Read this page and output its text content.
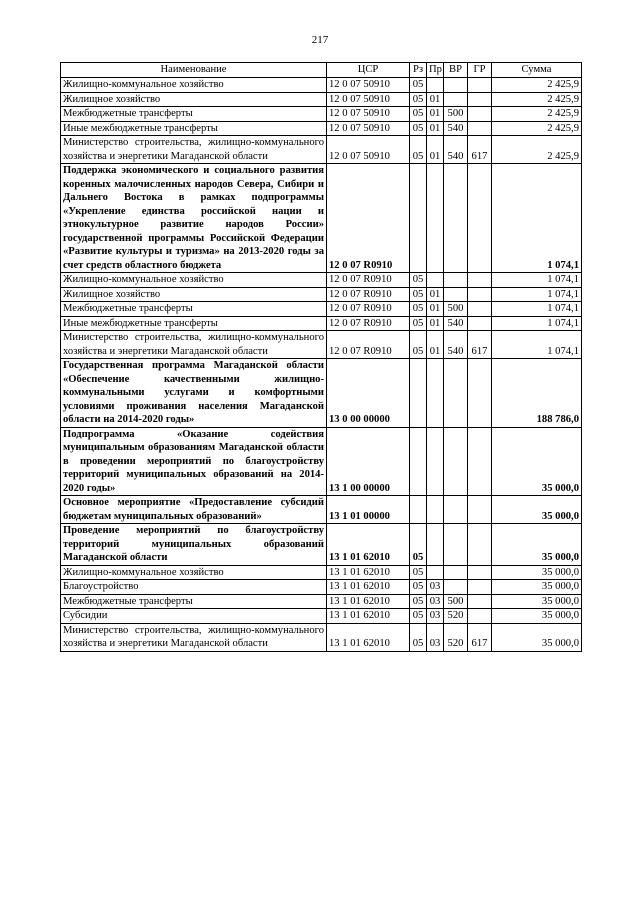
217
Наименование	ЦСР	Рз	Пр	ВР	ГР	Сумма
Жилищно-коммунальное хозяйство	12 0 07 50910	05				2 425,9
Жилищное хозяйство	12 0 07 50910	05	01			2 425,9
Межбюджетные трансферты	12 0 07 50910	05	01	500		2 425,9
Иные межбюджетные трансферты	12 0 07 50910	05	01	540		2 425,9
Министерство строительства, жилищно-коммунального хозяйства и энергетики Магаданской области	12 0 07 50910	05	01	540	617	2 425,9
Поддержка экономического и социального развития коренных малочисленных народов Севера, Сибири и Дальнего Востока в рамках подпрограммы «Укрепление единства российской нации и этнокультурное развитие народов России» государственной программы Российской Федерации «Развитие культуры и туризма» на 2013-2020 годы за счет средств областного бюджета	12 0 07 R0910					1 074,1
Жилищно-коммунальное хозяйство	12 0 07 R0910	05				1 074,1
Жилищное хозяйство	12 0 07 R0910	05	01			1 074,1
Межбюджетные трансферты	12 0 07 R0910	05	01	500		1 074,1
Иные межбюджетные трансферты	12 0 07 R0910	05	01	540		1 074,1
Министерство строительства, жилищно-коммунального хозяйства и энергетики Магаданской области	12 0 07 R0910	05	01	540	617	1 074,1
Государственная программа Магаданской области «Обеспечение качественными жилищно-коммунальными услугами и комфортными условиями проживания населения Магаданской области на 2014-2020 годы»	13 0 00 00000					188 786,0
Подпрограмма «Оказание содействия муниципальным образованиям Магаданской области в проведении мероприятий по благоустройству территорий муниципальных образований на 2014-2020 годы»	13 1 00 00000					35 000,0
Основное мероприятие «Предоставление субсидий бюджетам муниципальных образований»	13 1 01 00000					35 000,0
Проведение мероприятий по благоустройству территорий муниципальных образований Магаданской области	13 1 01 62010	05				35 000,0
Жилищно-коммунальное хозяйство	13 1 01 62010	05				35 000,0
Благоустройство	13 1 01 62010	05	03			35 000,0
Межбюджетные трансферты	13 1 01 62010	05	03	500		35 000,0
Субсидии	13 1 01 62010	05	03	520		35 000,0
Министерство строительства, жилищно-коммунального хозяйства и энергетики Магаданской области	13 1 01 62010	05	03	520	617	35 000,0
